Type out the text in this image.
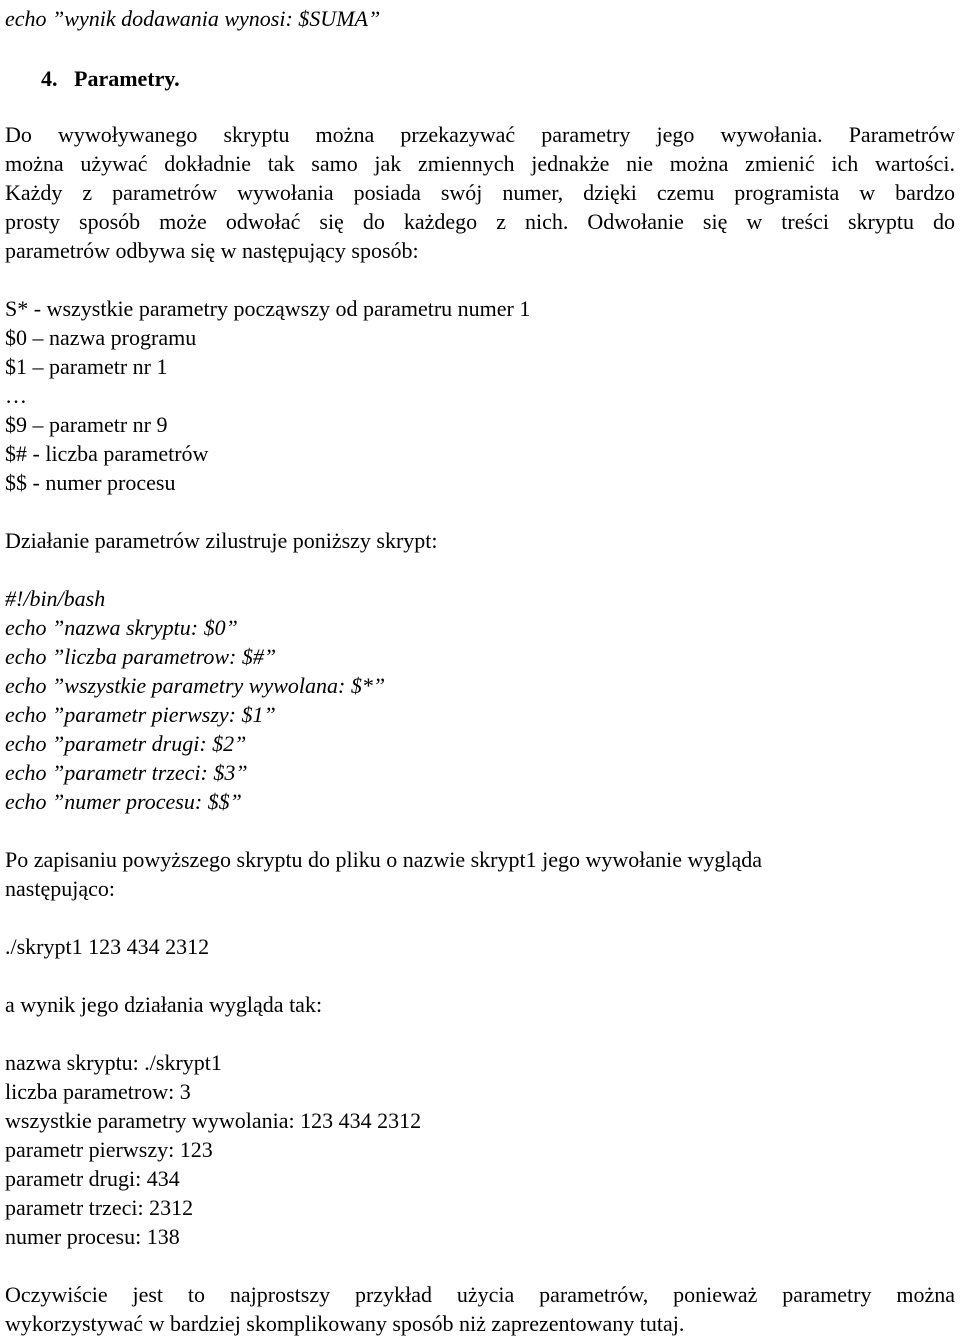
echo ”wynik dodawania wynosi: $SUMA”
4. Parametry.
Do wywoływanego skryptu można przekazywać parametry jego wywołania. Parametrów
można używać dokładnie tak samo jak zmiennych jednakże nie można zmienić ich wartości.
Każdy z parametrów wywołania posiada swój numer, dzięki czemu programista w bardzo
prosty sposób może odwołać się do każdego z nich. Odwołanie się w treści skryptu do
parametrów odbywa się w następujący sposób:
S* - wszystkie parametry począwszy od parametru numer 1
$0 – nazwa programu
$1 – parametr nr 1
…
$9 – parametr nr 9
$# - liczba parametrów
$$ - numer procesu
Działanie parametrów zilustruje poniższy skrypt:
#!/bin/bash
echo ”nazwa skryptu: $0”
echo ”liczba parametrow: $#”
echo ”wszystkie parametry wywolana: $*”
echo ”parametr pierwszy: $1”
echo ”parametr drugi: $2”
echo ”parametr trzeci: $3”
echo ”numer procesu: $$”
Po zapisaniu powyższego skryptu do pliku o nazwie skrypt1 jego wywołanie wygląda
następująco:
./skrypt1 123 434 2312
a wynik jego działania wygląda tak:
nazwa skryptu: ./skrypt1
liczba parametrow: 3
wszystkie parametry wywolania: 123 434 2312
parametr pierwszy: 123
parametr drugi: 434
parametr trzeci: 2312
numer procesu: 138
Oczywiście jest to najprostszy przykład użycia parametrów, ponieważ parametry można
wykorzystywać w bardziej skomplikowany sposób niż zaprezentowany tutaj.
